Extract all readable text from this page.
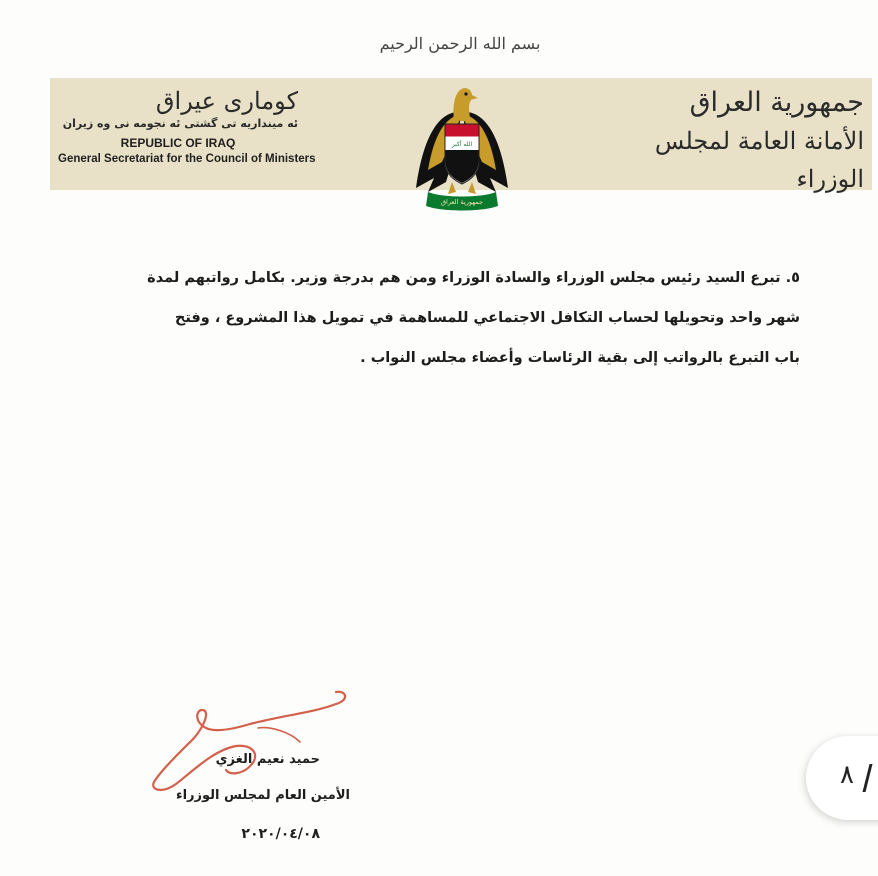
بسم الله الرحمن الرحيم
كوماری عیراق
ئه مینداریه تی گشتی ئه نجومه نی وه زیران
REPUBLIC OF IRAQ
General Secretariat for the Council of Ministers
جمهورية العراق
الأمانة العامة لمجلس الوزراء
الله أكبر
جمهورية العراق
٥. تبرع السيد رئيس مجلس الوزراء والسادة الوزراء ومن هم بدرجة وزير. بكامل رواتبهم لمدة
شهر واحد وتحويلها لحساب التكافل الاجتماعي للمساهمة في تمويل هذا المشروع ، وفتح
باب التبرع بالرواتب إلى بقية الرئاسات وأعضاء مجلس النواب .
حميد نعيم الغزي
الأمين العام لمجلس الوزراء
٢٠٢٠/٠٤/٠٨
٨
